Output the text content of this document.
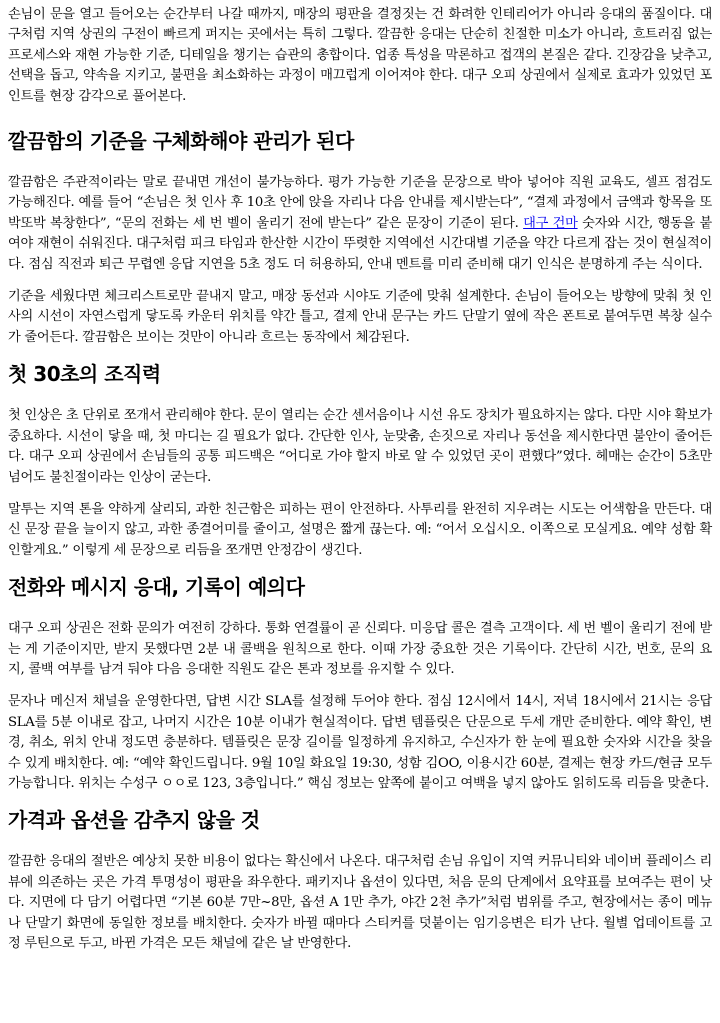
손님이 문을 열고 들어오는 순간부터 나갈 때까지, 매장의 평판을 결정짓는 건 화려한 인테리어가 아니라 응대의 품질이다. 대구처럼 지역 상권의 구전이 빠르게 퍼지는 곳에서는 특히 그렇다. 깔끔한 응대는 단순히 친절한 미소가 아니라, 흐트러짐 없는 프로세스와 재현 가능한 기준, 디테일을 챙기는 습관의 총합이다. 업종 특성을 막론하고 접객의 본질은 같다. 긴장감을 낮추고, 선택을 돕고, 약속을 지키고, 불편을 최소화하는 과정이 매끄럽게 이어져야 한다. 대구 오피 상권에서 실제로 효과가 있었던 포인트를 현장 감각으로 풀어본다.

깔끔함의 기준을 구체화해야 관리가 된다

깔끔함은 주관적이라는 말로 끝내면 개선이 불가능하다. 평가 가능한 기준을 문장으로 박아 넣어야 직원 교육도, 셀프 점검도 가능해진다. 예를 들어 “손님은 첫 인사 후 10초 안에 앉을 자리나 다음 안내를 제시받는다”, “결제 과정에서 금액과 항목을 또박또박 복창한다”, “문의 전화는 세 번 벨이 울리기 전에 받는다” 같은 문장이 기준이 된다. 대구 건마 숫자와 시간, 행동을 붙여야 재현이 쉬워진다. 대구처럼 피크 타임과 한산한 시간이 뚜렷한 지역에선 시간대별 기준을 약간 다르게 잡는 것이 현실적이다. 점심 직전과 퇴근 무렵엔 응답 지연을 5초 정도 더 허용하되, 안내 멘트를 미리 준비해 대기 인식은 분명하게 주는 식이다.

기준을 세웠다면 체크리스트로만 끝내지 말고, 매장 동선과 시야도 기준에 맞춰 설계한다. 손님이 들어오는 방향에 맞춰 첫 인사의 시선이 자연스럽게 닿도록 카운터 위치를 약간 틀고, 결제 안내 문구는 카드 단말기 옆에 작은 폰트로 붙여두면 복창 실수가 줄어든다. 깔끔함은 보이는 것만이 아니라 흐르는 동작에서 체감된다.

첫 30초의 조직력

첫 인상은 초 단위로 쪼개서 관리해야 한다. 문이 열리는 순간 센서음이나 시선 유도 장치가 필요하지는 않다. 다만 시야 확보가 중요하다. 시선이 닿을 때, 첫 마디는 길 필요가 없다. 간단한 인사, 눈맞춤, 손짓으로 자리나 동선을 제시한다면 불안이 줄어든다. 대구 오피 상권에서 손님들의 공통 피드백은 “어디로 가야 할지 바로 알 수 있었던 곳이 편했다”였다. 헤매는 순간이 5초만 넘어도 불친절이라는 인상이 굳는다.

말투는 지역 톤을 약하게 살리되, 과한 친근함은 피하는 편이 안전하다. 사투리를 완전히 지우려는 시도는 어색함을 만든다. 대신 문장 끝을 늘이지 않고, 과한 종결어미를 줄이고, 설명은 짧게 끊는다. 예: “어서 오십시오. 이쪽으로 모실게요. 예약 성함 확인할게요.” 이렇게 세 문장으로 리듬을 쪼개면 안정감이 생긴다.

전화와 메시지 응대, 기록이 예의다

대구 오피 상권은 전화 문의가 여전히 강하다. 통화 연결률이 곧 신뢰다. 미응답 콜은 결측 고객이다. 세 번 벨이 울리기 전에 받는 게 기준이지만, 받지 못했다면 2분 내 콜백을 원칙으로 한다. 이때 가장 중요한 것은 기록이다. 간단히 시간, 번호, 문의 요지, 콜백 여부를 남겨 둬야 다음 응대한 직원도 같은 톤과 정보를 유지할 수 있다.

문자나 메신저 채널을 운영한다면, 답변 시간 SLA를 설정해 두어야 한다. 점심 12시에서 14시, 저녁 18시에서 21시는 응답 SLA를 5분 이내로 잡고, 나머지 시간은 10분 이내가 현실적이다. 답변 템플릿은 단문으로 두세 개만 준비한다. 예약 확인, 변경, 취소, 위치 안내 정도면 충분하다. 템플릿은 문장 길이를 일정하게 유지하고, 수신자가 한 눈에 필요한 숫자와 시간을 찾을 수 있게 배치한다. 예: “예약 확인드립니다. 9월 10일 화요일 19:30, 성함 김OO, 이용시간 60분, 결제는 현장 카드/현금 모두 가능합니다. 위치는 수성구 ㅇㅇ로 123, 3층입니다.” 핵심 정보는 앞쪽에 붙이고 여백을 넣지 않아도 읽히도록 리듬을 맞춘다.

가격과 옵션을 감추지 않을 것

깔끔한 응대의 절반은 예상치 못한 비용이 없다는 확신에서 나온다. 대구처럼 손님 유입이 지역 커뮤니티와 네이버 플레이스 리뷰에 의존하는 곳은 가격 투명성이 평판을 좌우한다. 패키지나 옵션이 있다면, 처음 문의 단계에서 요약표를 보여주는 편이 낫다. 지면에 다 담기 어렵다면 “기본 60분 7만~8만, 옵션 A 1만 추가, 야간 2천 추가”처럼 범위를 주고, 현장에서는 종이 메뉴나 단말기 화면에 동일한 정보를 배치한다. 숫자가 바뀔 때마다 스티커를 덧붙이는 임기응변은 티가 난다. 월별 업데이트를 고정 루틴으로 두고, 바뀐 가격은 모든 채널에 같은 날 반영한다.
